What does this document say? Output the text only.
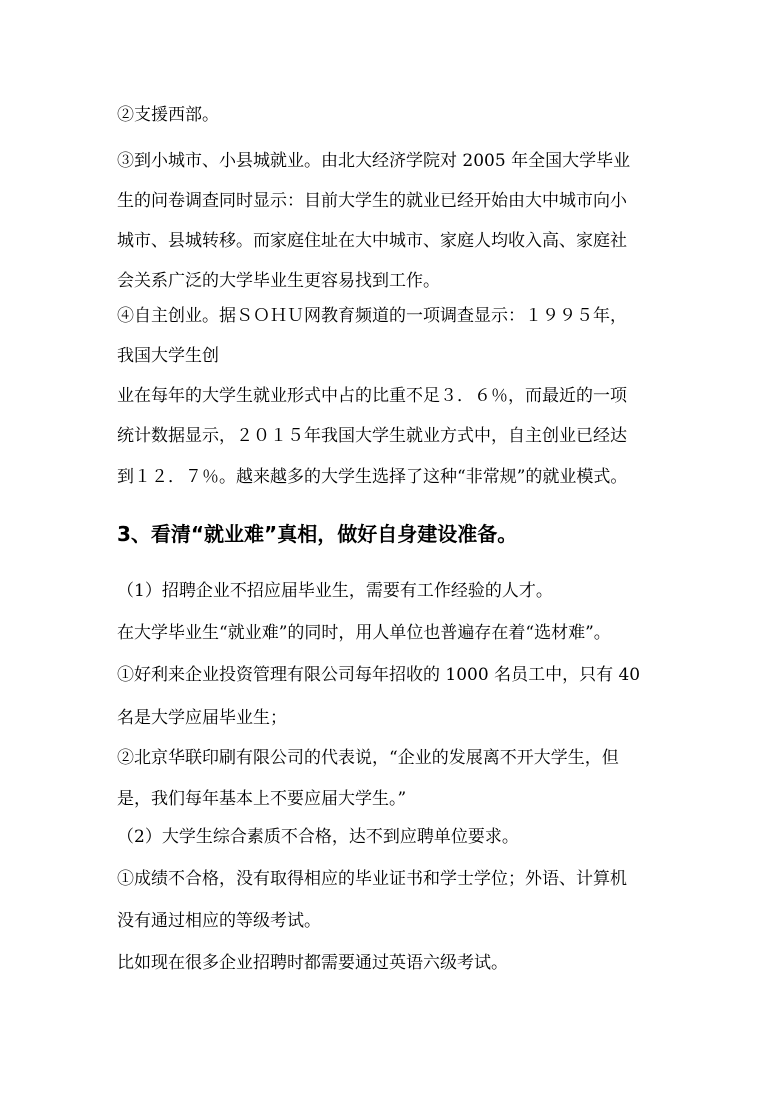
②支援西部。
③到小城市、小县城就业。由北大经济学院对 2005 年全国大学毕业
生的问卷调查同时显示：目前大学生的就业已经开始由大中城市向小
城市、县城转移。而家庭住址在大中城市、家庭人均收入高、家庭社
会关系广泛的大学毕业生更容易找到工作。
④自主创业。据ＳＯＨＵ网教育频道的一项调查显示：１９９５年，
我国大学生创
业在每年的大学生就业形式中占的比重不足３．６％，而最近的一项
统计数据显示，２０１５年我国大学生就业方式中，自主创业已经达
到１２．７％。越来越多的大学生选择了这种“非常规”的就业模式。
3、看清“就业难”真相，做好自身建设准备。
（1）招聘企业不招应届毕业生，需要有工作经验的人才。
在大学毕业生“就业难”的同时，用人单位也普遍存在着“选材难”。
①好利来企业投资管理有限公司每年招收的 1000 名员工中，只有 40
名是大学应届毕业生；
②北京华联印刷有限公司的代表说，“企业的发展离不开大学生，但
是，我们每年基本上不要应届大学生。”
（2）大学生综合素质不合格，达不到应聘单位要求。
①成绩不合格，没有取得相应的毕业证书和学士学位；外语、计算机
没有通过相应的等级考试。
比如现在很多企业招聘时都需要通过英语六级考试。
